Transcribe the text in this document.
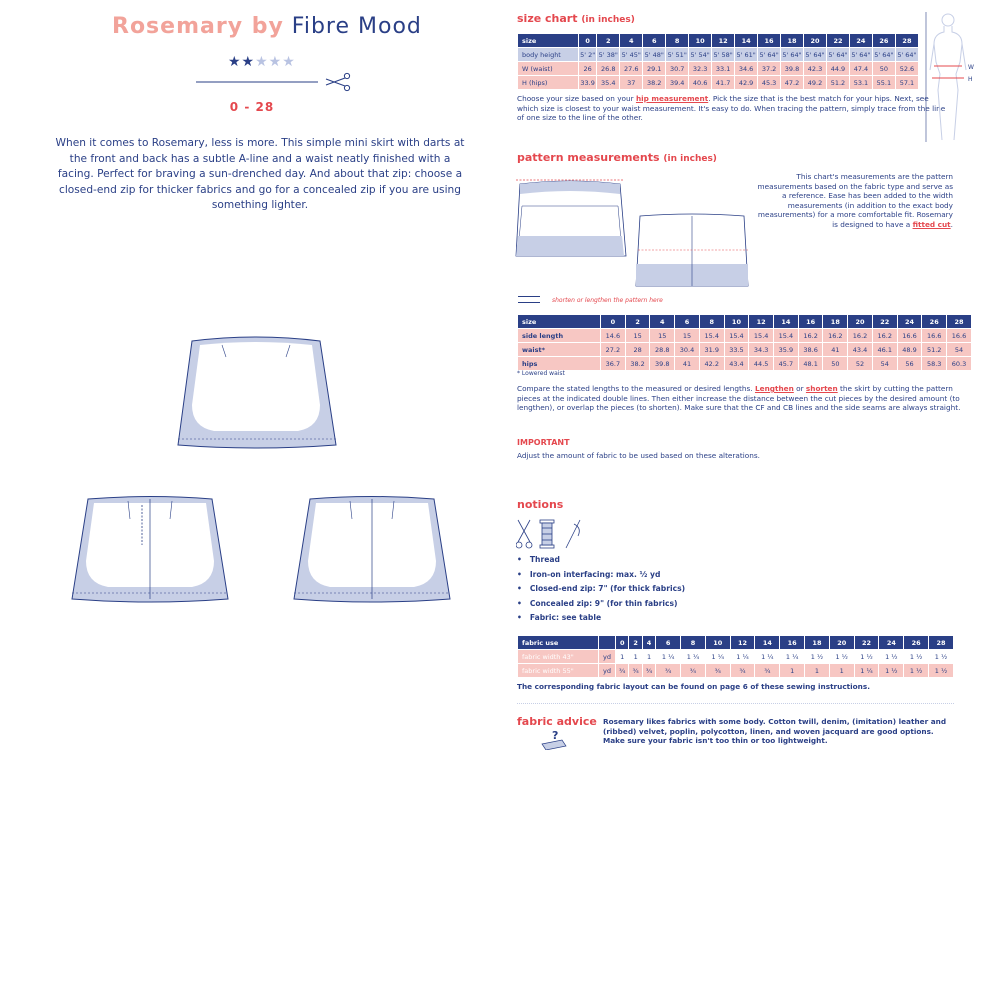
Rosemary by Fibre Mood
★★★★★
0 - 28
When it comes to Rosemary, less is more. This simple mini skirt with darts at the front and back has a subtle A-line and a waist neatly finished with a facing. Perfect for braving a sun-drenched day. And about that zip: choose a closed-end zip for thicker fabrics and go for a concealed zip if you are using something lighter.
size chart (in inches)
size	0	2	4	6	8	10	12	14	16	18	20	22	24	26	28
body height	5' 2"	5' 38"	5' 45"	5' 48"	5' 51"	5' 54"	5' 58"	5' 61"	5' 64"	5' 64"	5' 64"	5' 64"	5' 64"	5' 64"	5' 64"
W (waist)	26	26.8	27.6	29.1	30.7	32.3	33.1	34.6	37.2	39.8	42.3	44.9	47.4	50	52.6
H (hips)	33.9	35.4	37	38.2	39.4	40.6	41.7	42.9	45.3	47.2	49.2	51.2	53.1	55.1	57.1
Choose your size based on your hip measurement. Pick the size that is the best match for your hips. Next, see which size is closest to your waist measurement. It's easy to do. When tracing the pattern, simply trace from the line of one size to the line of the other.
W
H
pattern measurements (in inches)
This chart's measurements are the pattern measurements based on the fabric type and serve as a reference. Ease has been added to the width measurements (in addition to the exact body measurements) for a more comfortable fit. Rosemary is designed to have a fitted cut.
shorten or lengthen the pattern here
size	0	2	4	6	8	10	12	14	16	18	20	22	24	26	28
side length	14.6	15	15	15	15.4	15.4	15.4	15.4	16.2	16.2	16.2	16.2	16.6	16.6	16.6
waist*	27.2	28	28.8	30.4	31.9	33.5	34.3	35.9	38.6	41	43.4	46.1	48.9	51.2	54
hips	36.7	38.2	39.8	41	42.2	43.4	44.5	45.7	48.1	50	52	54	56	58.3	60.3
* Lowered waist
Compare the stated lengths to the measured or desired lengths. Lengthen or shorten the skirt by cutting the pattern pieces at the indicated double lines. Then either increase the distance between the cut pieces by the desired amount (to lengthen), or overlap the pieces (to shorten). Make sure that the CF and CB lines and the side seams are always straight.
IMPORTANT
Adjust the amount of fabric to be used based on these alterations.
notions
• Thread
• Iron-on interfacing: max. ½ yd
• Closed-end zip: 7" (for thick fabrics)
• Concealed zip: 9" (for thin fabrics)
• Fabric: see table
fabric use		0	2	4	6	8	10	12	14	16	18	20	22	24	26	28
fabric width 43"	yd	1	1	1	1 ¼	1 ¼	1 ¼	1 ¼	1 ¼	1 ¼	1 ½	1 ½	1 ½	1 ½	1 ½	1 ½
fabric width 55"	yd	¾	¾	¾	¾	¾	¾	¾	¾	1	1	1	1 ¼	1 ½	1 ½	1 ½
The corresponding fabric layout can be found on page 6 of these sewing instructions.
fabric advice
?
Rosemary likes fabrics with some body. Cotton twill, denim, (imitation) leather and (ribbed) velvet, poplin, polycotton, linen, and woven jacquard are good options. Make sure your fabric isn't too thin or too lightweight.
